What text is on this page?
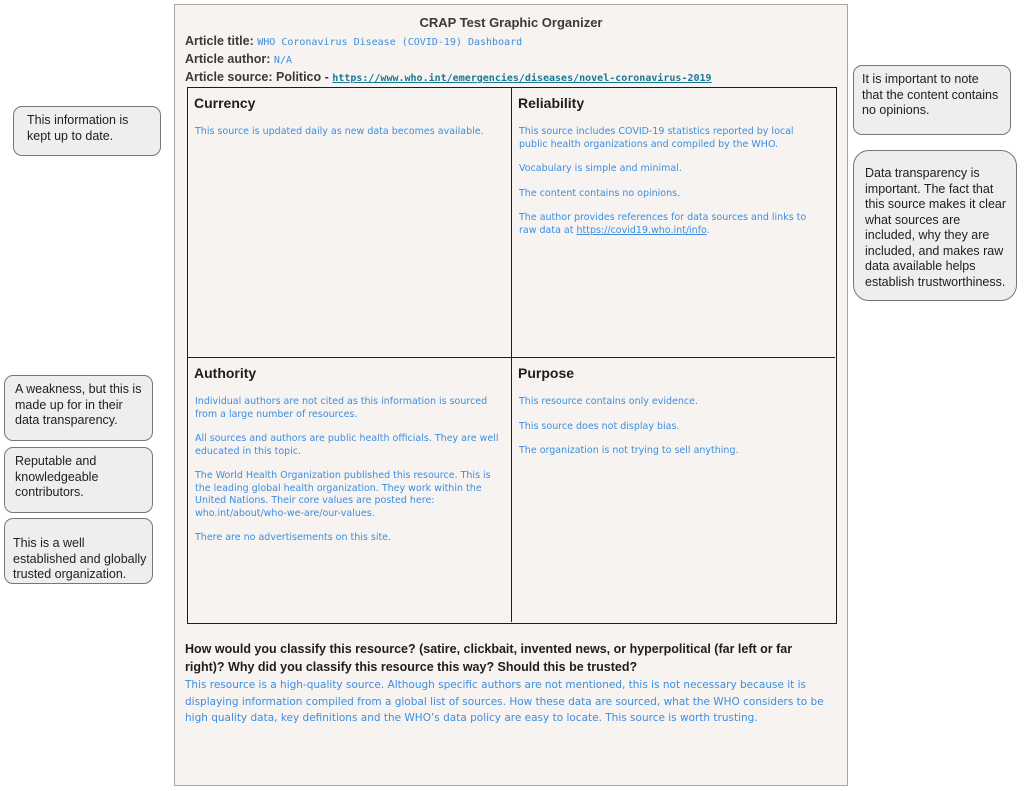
CRAP Test Graphic Organizer
Article title: WHO Coronavirus Disease (COVID-19) Dashboard
Article author: N/A
Article source: Politico - https://www.who.int/emergencies/diseases/novel-coronavirus-2019
Currency

This source is updated daily as new data becomes available.

Reliability

This source includes COVID-19 statistics reported by local public health organizations and compiled by the WHO.

Vocabulary is simple and minimal.

The content contains no opinions.

The author provides references for data sources and links to raw data at https://covid19.who.int/info.

Authority

Individual authors are not cited as this information is sourced from a large number of resources.

All sources and authors are public health officials. They are well educated in this topic.

The World Health Organization published this resource. This is the leading global health organization. They work within the United Nations. Their core values are posted here: who.int/about/who-we-are/our-values.

There are no advertisements on this site.

Purpose

This resource contains only evidence.

This source does not display bias.

The organization is not trying to sell anything.

How would you classify this resource? (satire, clickbait, invented news, or hyperpolitical (far left or far right)? Why did you classify this resource this way? Should this be trusted?
This resource is a high-quality source. Although specific authors are not mentioned, this is not necessary because it is displaying information compiled from a global list of sources. How these data are sourced, what the WHO considers to be high quality data, key definitions and the WHO’s data policy are easy to locate. This source is worth trusting.
This information is kept up to date.
It is important to note that the content contains no opinions.
Data transparency is important. The fact that this source makes it clear what sources are included, why they are included, and makes raw data available helps establish trustworthiness.
A weakness, but this is made up for in their data transparency.
Reputable and knowledgeable contributors.
This is a well established and globally trusted organization.
